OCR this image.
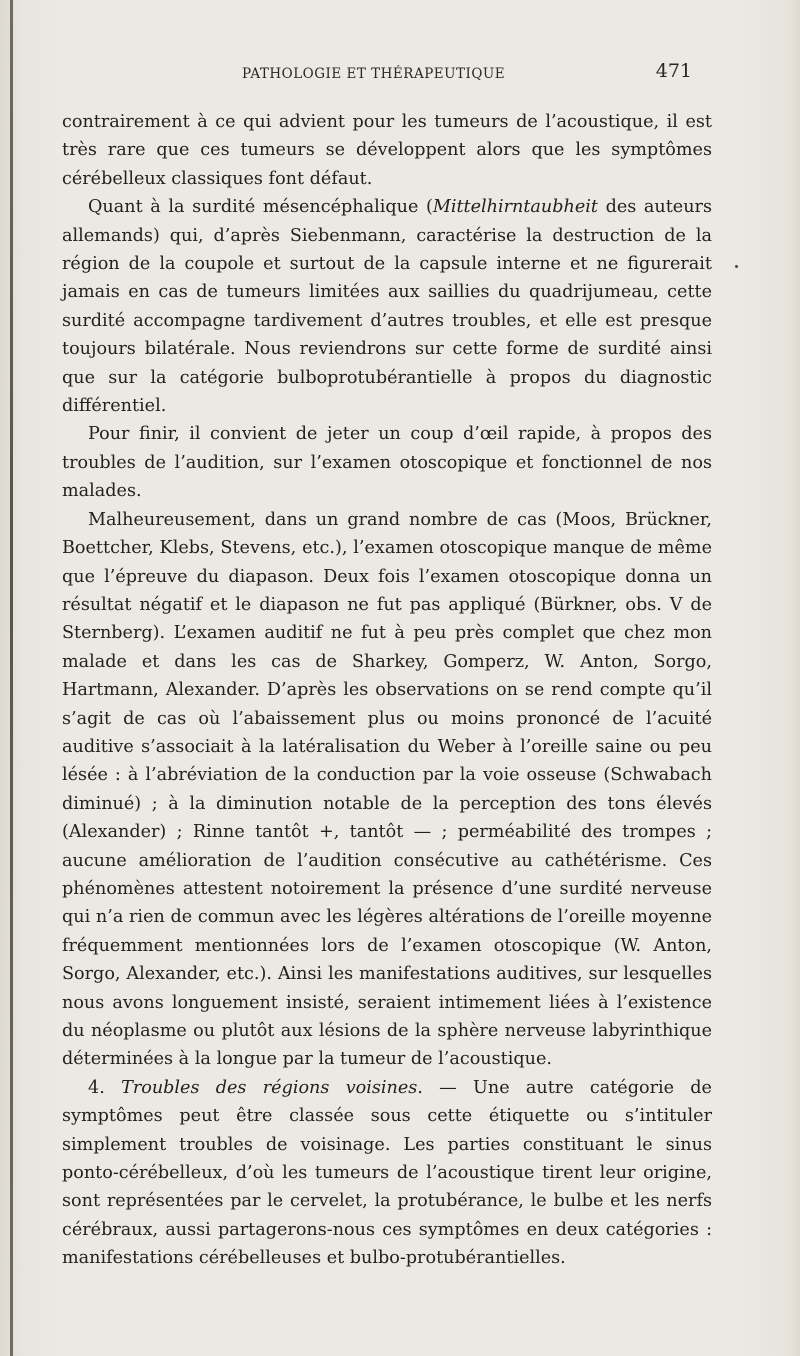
PATHOLOGIE ET THÉRAPEUTIQUE	471

contrairement à ce qui advient pour les tumeurs de l’acoustique, il est très rare que ces tumeurs se développent alors que les symptômes cérébelleux classiques font défaut.

Quant à la surdité mésencéphalique (Mittelhirntaubheit des auteurs allemands) qui, d’après Siebenmann, caractérise la destruction de la région de la coupole et surtout de la capsule interne et ne figurerait jamais en cas de tumeurs limitées aux saillies du quadrijumeau, cette surdité accompagne tardivement d’autres troubles, et elle est presque toujours bilatérale. Nous reviendrons sur cette forme de surdité ainsi que sur la catégorie bulboprotubérantielle à propos du diagnostic différentiel.

Pour finir, il convient de jeter un coup d’œil rapide, à propos des troubles de l’audition, sur l’examen otoscopique et fonctionnel de nos malades.

Malheureusement, dans un grand nombre de cas (Moos, Brückner, Boettcher, Klebs, Stevens, etc.), l’examen otoscopique manque de même que l’épreuve du diapason. Deux fois l’examen otoscopique donna un résultat négatif et le diapason ne fut pas appliqué (Bürkner, obs. V de Sternberg). L’examen auditif ne fut à peu près complet que chez mon malade et dans les cas de Sharkey, Gomperz, W. Anton, Sorgo, Hartmann, Alexander. D’après les observations on se rend compte qu’il s’agit de cas où l’abaissement plus ou moins prononcé de l’acuité auditive s’associait à la latéralisation du Weber à l’oreille saine ou peu lésée : à l’abréviation de la conduction par la voie osseuse (Schwabach diminué) ; à la diminution notable de la perception des tons élevés (Alexander) ; Rinne tantôt +, tantôt — ; perméabilité des trompes ; aucune amélioration de l’audition consécutive au cathétérisme. Ces phénomènes attestent notoirement la présence d’une surdité nerveuse qui n’a rien de commun avec les légères altérations de l’oreille moyenne fréquemment mentionnées lors de l’examen otoscopique (W. Anton, Sorgo, Alexander, etc.). Ainsi les manifestations auditives, sur lesquelles nous avons longuement insisté, seraient intimement liées à l’existence du néoplasme ou plutôt aux lésions de la sphère nerveuse labyrinthique déterminées à la longue par la tumeur de l’acoustique.

4. Troubles des régions voisines. — Une autre catégorie de symptômes peut être classée sous cette étiquette ou s’intituler simplement troubles de voisinage. Les parties constituant le sinus ponto-cérébelleux, d’où les tumeurs de l’acoustique tirent leur origine, sont représentées par le cervelet, la protubérance, le bulbe et les nerfs cérébraux, aussi partagerons-nous ces symptômes en deux catégories : manifestations cérébelleuses et bulbo-protubérantielles.
